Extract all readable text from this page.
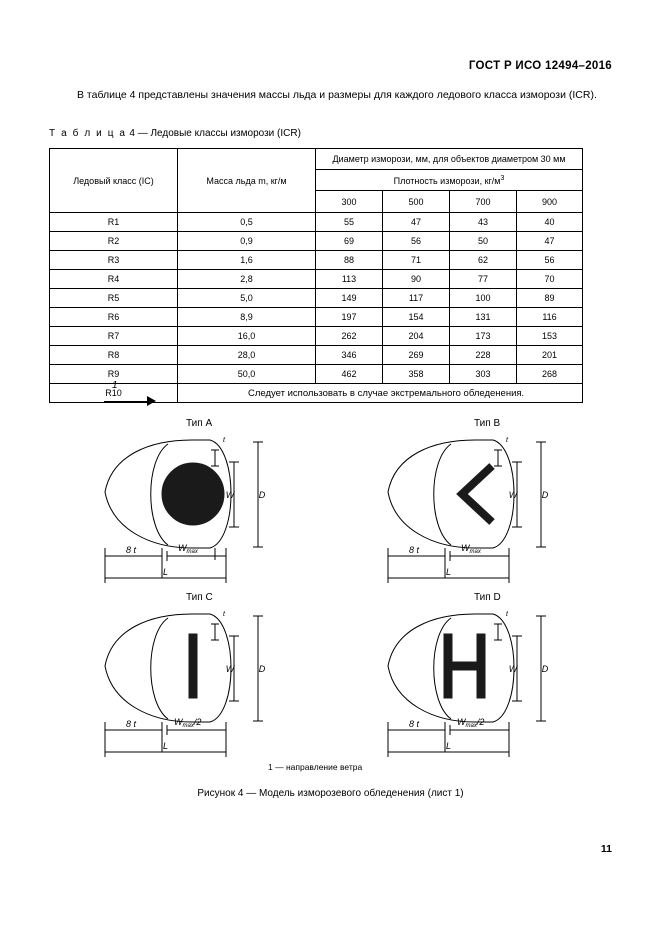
ГОСТ Р ИСО 12494–2016
В таблице 4 представлены значения массы льда и размеры для каждого ледового класса изморози (ICR).
Т а б л и ц а 4 — Ледовые классы изморози (ICR)
Ледовый класс (IC)	Масса льда m, кг/м	Диаметр изморози, мм, для объектов диаметром 30 мм			
		Плотность изморози, $кг/м^3$
		300	500	700	900
R1	0,5	55	47	43	40
R2	0,9	69	56	50	47
R3	1,6	88	71	62	56
R4	2,8	113	90	77	70
R5	5,0	149	117	100	89
R6	8,9	197	154	131	116
R7	16,0	262	204	173	153
R8	28,0	346	269	228	201
R9	50,0	462	358	303	268
R10	Следует использовать в случае экстремального обледенения.				
1
Тип A	Тип B
Тип C	Тип D
W	D
t
8 t	$W_{max}$
L
W	D
t
8 t	$W_{max}$
L
W	D
t
8 t	$W_{max}/2$
L
W	D
t
8 t	$W_{max}/2$
L
1 — направление ветра
Рисунок 4 — Модель изморозевого обледенения (лист 1)
11
